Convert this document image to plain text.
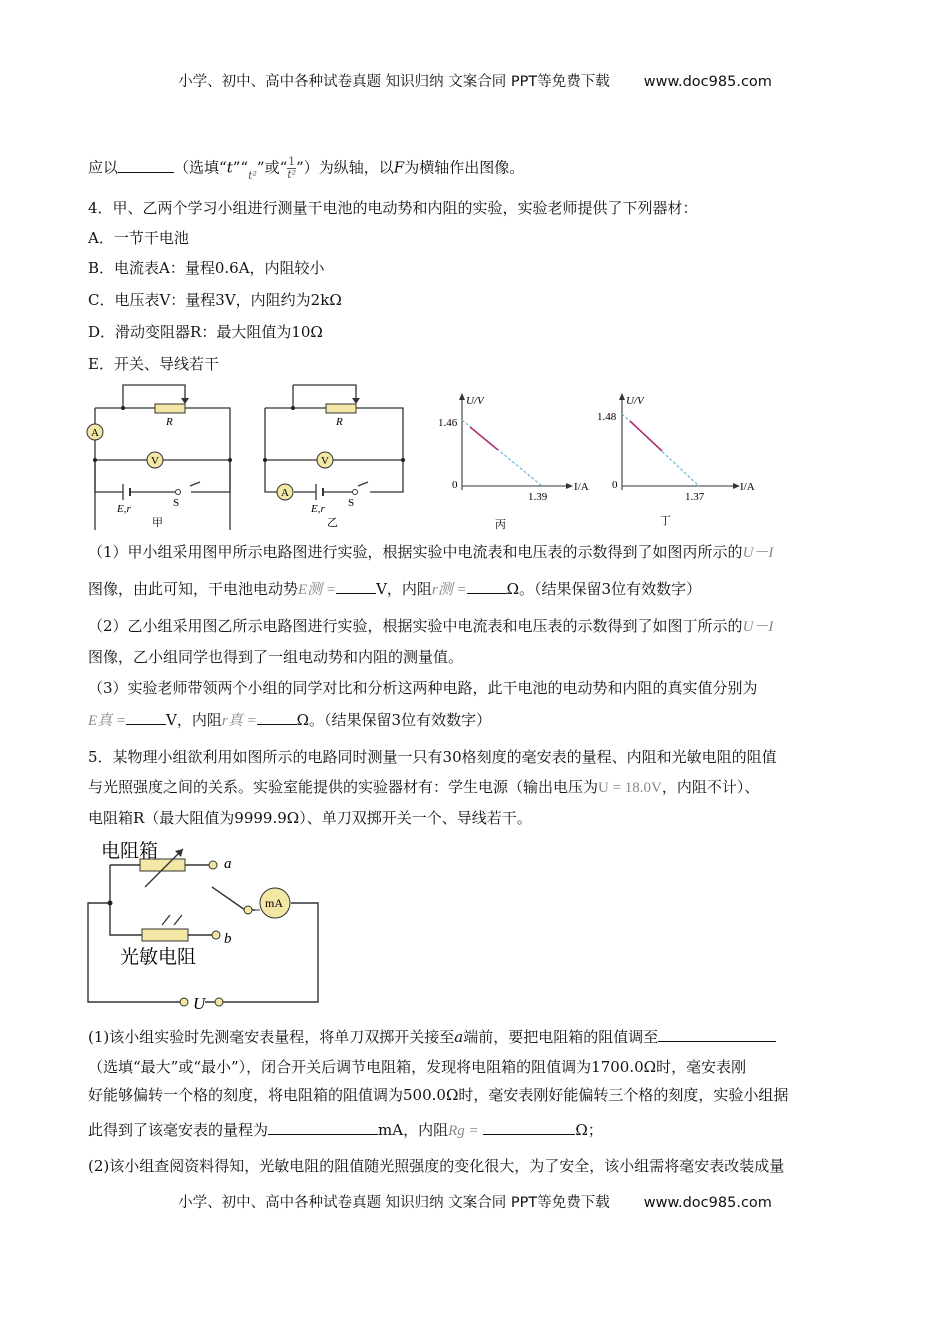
小学、初中、高中各种试卷真题 知识归纳 文案合同 PPT等免费下载 www.doc985.com
应以	（选填“$t”“_{t^2}$”或“ $\frac{1}{\text{t²}}$ ”）为纵轴，以F为横轴作出图像。
4．甲、乙两个学习小组进行测量干电池的电动势和内阻的实验，实验老师提供了下列器材：
A．一节干电池
B．电流表A：量程0.6A，内阻较小
C．电压表V：量程3V，内阻约为2kΩ
D．滑动变阻器R：最大阻值为10Ω
E．开关、导线若干
A
V
R
E,r	S
甲
A
V
R
E,r S
乙
U/V
1.46
0
1.39
I/A
丙
U/V
1.48
0
1.37
I/A
丁
（1）甲小组采用图甲所示电路图进行实验，根据实验中电流表和电压表的示数得到了如图丙所示的U－I
图像，由此可知，干电池电动势E测 =	V，内阻r测 =	Ω。（结果保留3位有效数字）
（2）乙小组采用图乙所示电路图进行实验，根据实验中电流表和电压表的示数得到了如图丁所示的U－I
图像，乙小组同学也得到了一组电动势和内阻的测量值。
（3）实验老师带领两个小组的同学对比和分析这两种电路，此干电池的电动势和内阻的真实值分别为
E真 =	V，内阻r真 =	Ω。（结果保留3位有效数字）
5．某物理小组欲利用如图所示的电路同时测量一只有30格刻度的毫安表的量程、内阻和光敏电阻的阻值
与光照强度之间的关系。实验室能提供的实验器材有：学生电源（输出电压为U = 18.0V，内阻不计）、
电阻箱R（最大阻值为9999.9Ω）、单刀双掷开关一个、导线若干。
mA
电阻箱
光敏电阻
a
b
U
(1)该小组实验时先测毫安表量程，将单刀双掷开关接至a端前，要把电阻箱的阻值调至
（选填“最大”或“最小”），闭合开关后调节电阻箱，发现将电阻箱的阻值调为1700.0Ω时，毫安表刚
好能够偏转一个格的刻度，将电阻箱的阻值调为500.0Ω时，毫安表刚好能偏转三个格的刻度，实验小组据
此得到了该毫安表的量程为	mA，内阻Rg =	Ω；
(2)该小组查阅资料得知，光敏电阻的阻值随光照强度的变化很大，为了安全，该小组需将毫安表改装成量
小学、初中、高中各种试卷真题 知识归纳 文案合同 PPT等免费下载 www.doc985.com
